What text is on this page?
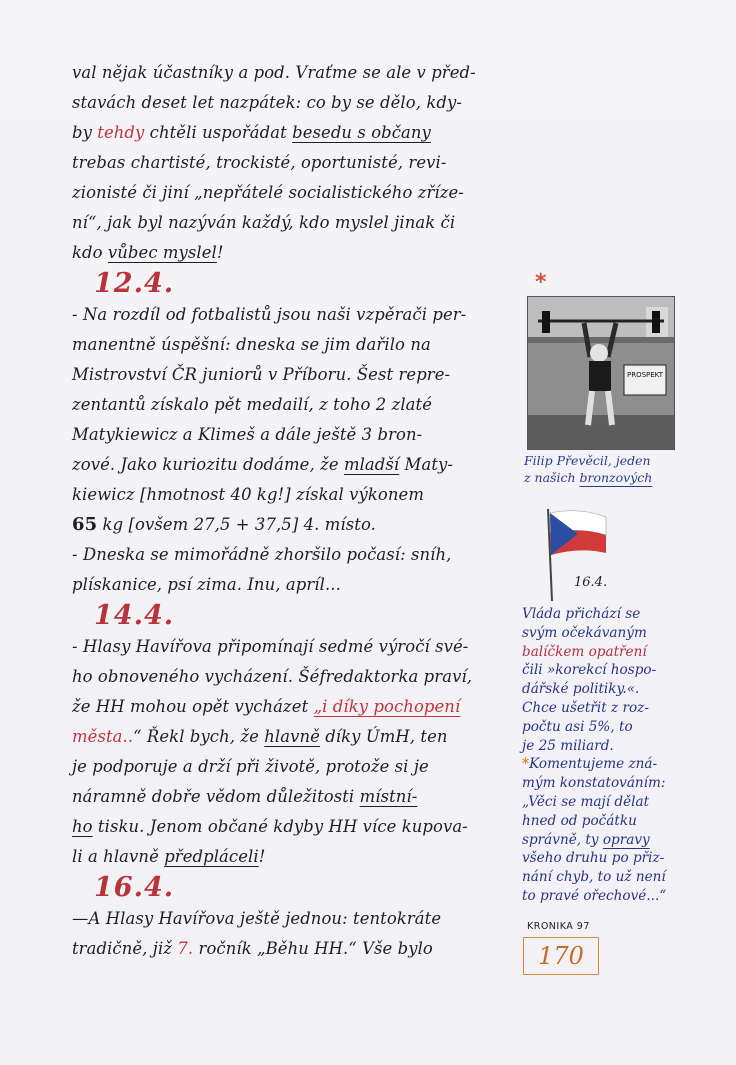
val nějak účastníky a pod. Vraťme se ale v před-
stavách deset let nazpátek: co by se dělo, kdy-
by tehdy chtěli uspořádat besedu s občany
trebas chartisté, trockisté, oportunisté, revi-
zionisté či jiní „nepřátelé socialistického zříze-
ní“, jak byl nazýván každý, kdo myslel jinak či
kdo vůbec myslel!
12.4.
- Na rozdíl od fotbalistů jsou naši vzpěrači per-
manentně úspěšní: dneska se jim dařilo na
Mistrovství ČR juniorů v Příboru. Šest repre-
zentantů získalo pět medailí, z toho 2 zlaté
Matykiewicz a Klimeš a dále ještě 3 bron-
zové. Jako kuriozitu dodáme, že mladší Maty-
kiewicz [hmotnost 40 kg!] získal výkonem
65 kg [ovšem 27,5 + 37,5] 4. místo.
- Dneska se mimořádně zhoršilo počasí: sníh,
plískanice, psí zima. Inu, apríl...
14.4.
- Hlasy Havířova připomínají sedmé výročí své-
ho obnoveného vycházení. Šéfredaktorka praví,
že HH mohou opět vycházet „i díky pochopení
města..“ Řekl bych, že hlavně díky ÚmH, ten
je podporuje a drží při životě, protože si je
náramně dobře vědom důležitosti místní-
ho tisku. Jenom občané kdyby HH více kupova-
li a hlavně předpláceli!
16.4.
—A Hlasy Havířova ještě jednou: tentokráte
tradičně, již 7. ročník „Běhu HH.“ Vše bylo
*
PROSPEKT
Filip Převěcil, jeden
z našich bronzových
16.4.
Vláda přichází se
svým očekávaným
balíčkem opatření
čili »korekcí hospo-
dářské politiky.«.
Chce ušetřit z roz-
počtu asi 5%, to
je 25 miliard.
*Komentujeme zná-
mým konstatováním:
„Věci se mají dělat
hned od počátku
správně, ty opravy
všeho druhu po přiz-
nání chyb, to už není
to pravé ořechové...“
KRONIKA 97
170
